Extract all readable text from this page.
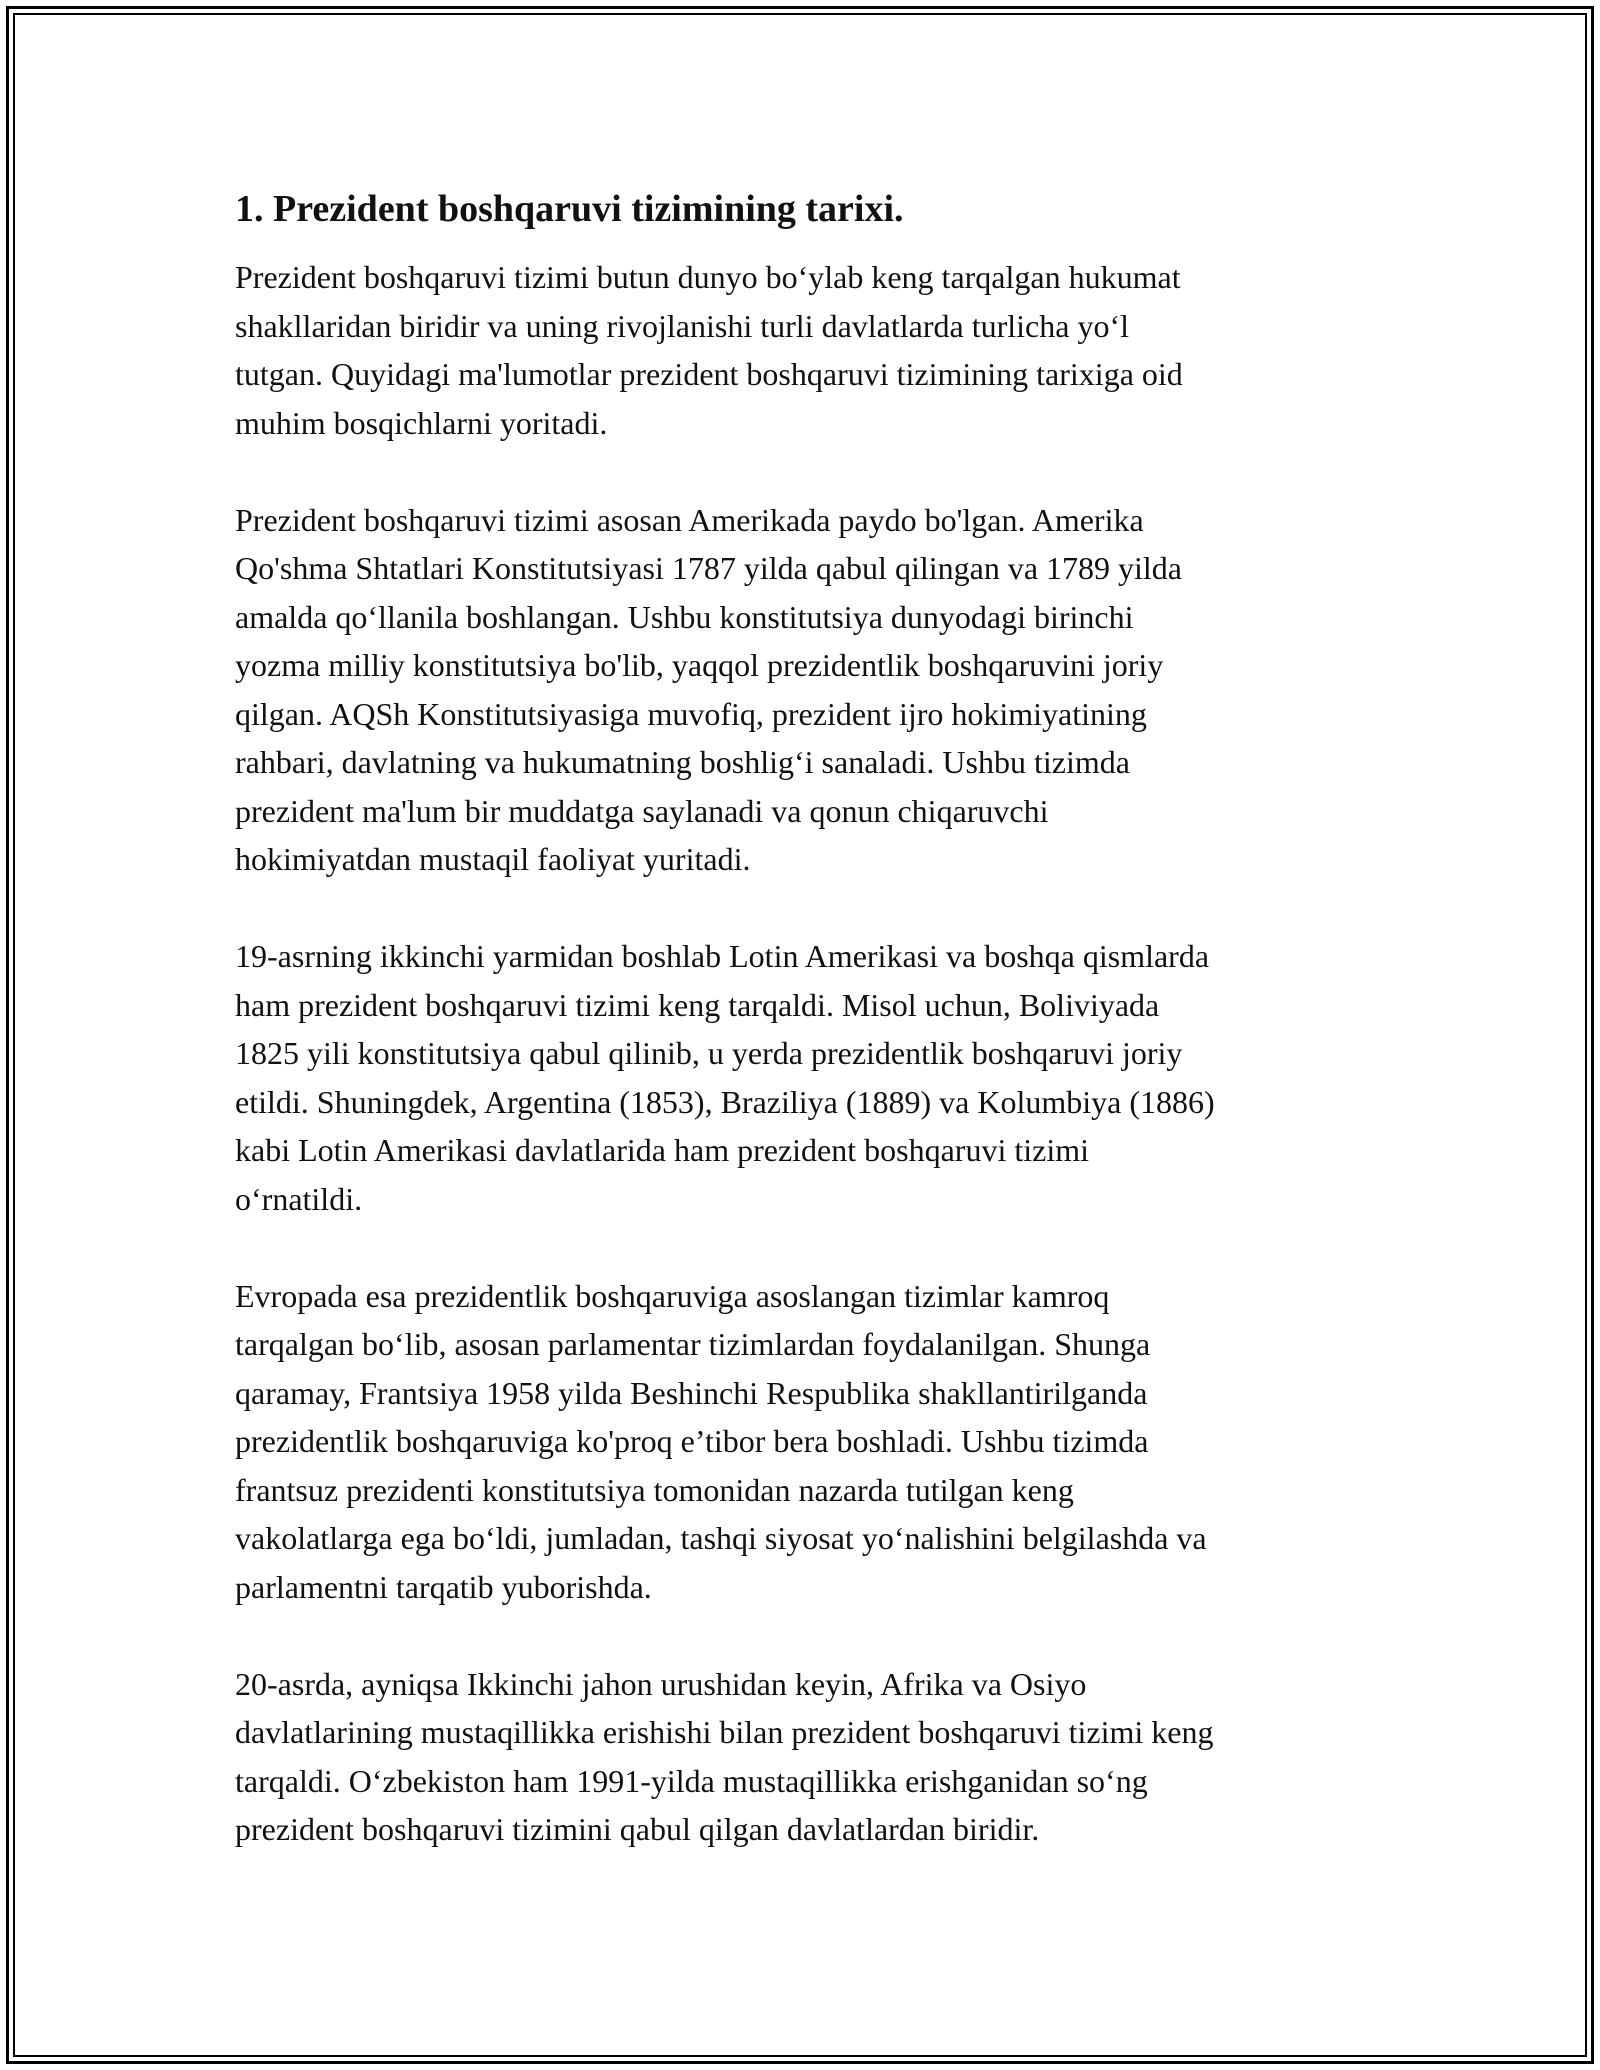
1. Prezident boshqaruvi tizimining tarixi.

Prezident boshqaruvi tizimi butun dunyo bo‘ylab keng tarqalgan hukumat
shakllaridan biridir va uning rivojlanishi turli davlatlarda turlicha yo‘l
tutgan. Quyidagi ma'lumotlar prezident boshqaruvi tizimining tarixiga oid
muhim bosqichlarni yoritadi.

Prezident boshqaruvi tizimi asosan Amerikada paydo bo'lgan. Amerika
Qo'shma Shtatlari Konstitutsiyasi 1787 yilda qabul qilingan va 1789 yilda
amalda qo‘llanila boshlangan. Ushbu konstitutsiya dunyodagi birinchi
yozma milliy konstitutsiya bo'lib, yaqqol prezidentlik boshqaruvini joriy
qilgan. AQSh Konstitutsiyasiga muvofiq, prezident ijro hokimiyatining
rahbari, davlatning va hukumatning boshlig‘i sanaladi. Ushbu tizimda
prezident ma'lum bir muddatga saylanadi va qonun chiqaruvchi
hokimiyatdan mustaqil faoliyat yuritadi.

19-asrning ikkinchi yarmidan boshlab Lotin Amerikasi va boshqa qismlarda
ham prezident boshqaruvi tizimi keng tarqaldi. Misol uchun, Boliviyada
1825 yili konstitutsiya qabul qilinib, u yerda prezidentlik boshqaruvi joriy
etildi. Shuningdek, Argentina (1853), Braziliya (1889) va Kolumbiya (1886)
kabi Lotin Amerikasi davlatlarida ham prezident boshqaruvi tizimi
o‘rnatildi.

Evropada esa prezidentlik boshqaruviga asoslangan tizimlar kamroq
tarqalgan bo‘lib, asosan parlamentar tizimlardan foydalanilgan. Shunga
qaramay, Frantsiya 1958 yilda Beshinchi Respublika shakllantirilganda
prezidentlik boshqaruviga ko'proq e’tibor bera boshladi. Ushbu tizimda
frantsuz prezidenti konstitutsiya tomonidan nazarda tutilgan keng
vakolatlarga ega bo‘ldi, jumladan, tashqi siyosat yo‘nalishini belgilashda va
parlamentni tarqatib yuborishda.

20-asrda, ayniqsa Ikkinchi jahon urushidan keyin, Afrika va Osiyo
davlatlarining mustaqillikka erishishi bilan prezident boshqaruvi tizimi keng
tarqaldi. O‘zbekiston ham 1991-yilda mustaqillikka erishganidan so‘ng
prezident boshqaruvi tizimini qabul qilgan davlatlardan biridir.
